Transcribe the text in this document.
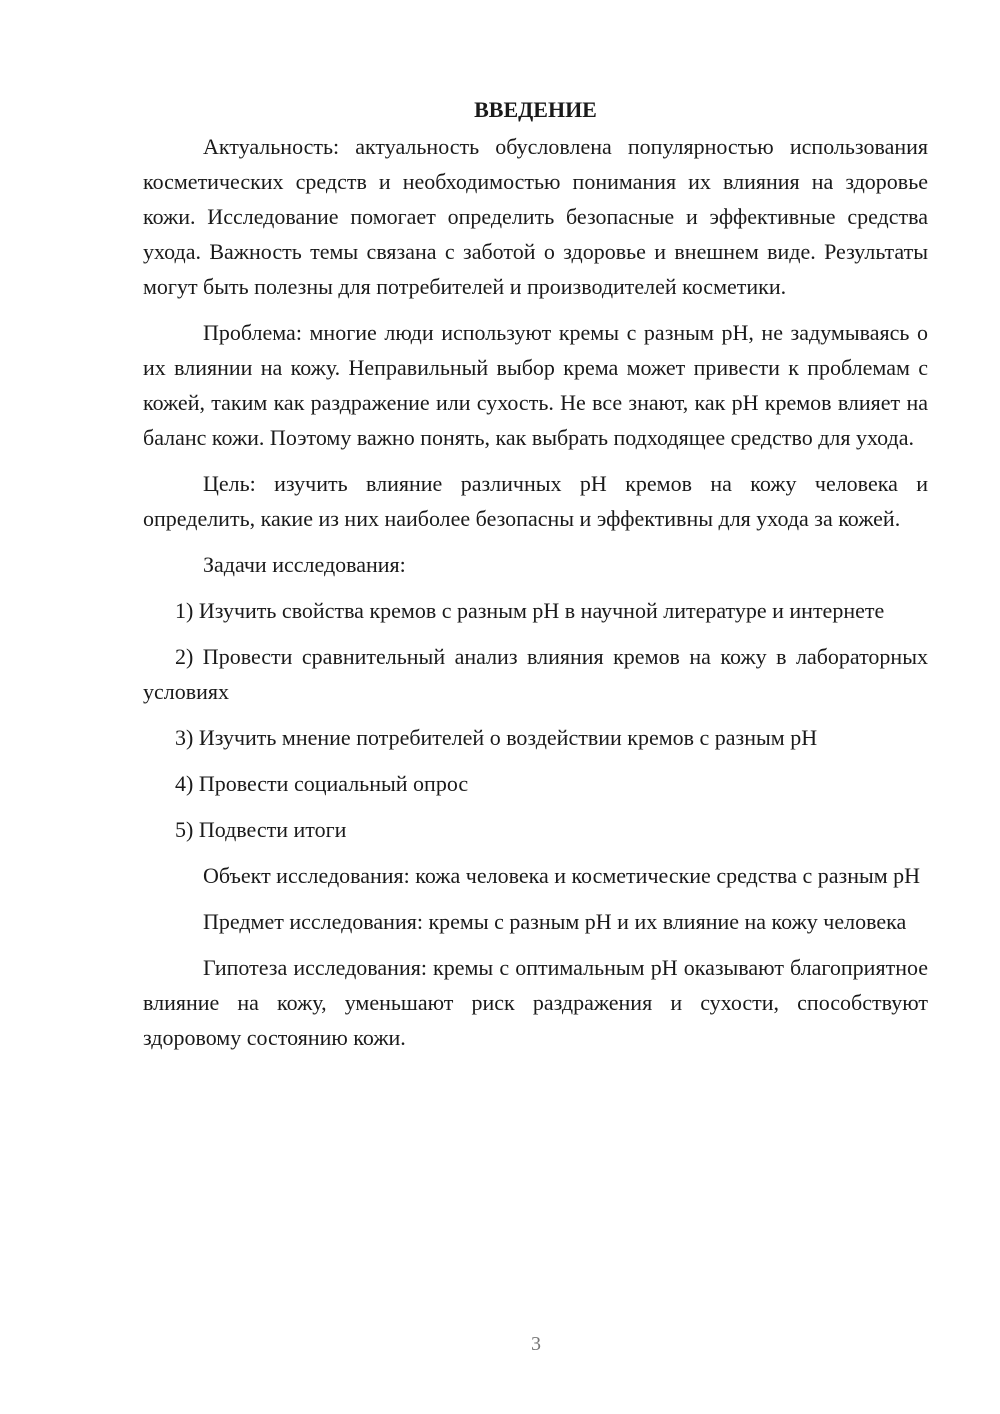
ВВЕДЕНИЕ

Актуальность: актуальность обусловлена популярностью использования косметических средств и необходимостью понимания их влияния на здоровье кожи. Исследование помогает определить безопасные и эффективные средства ухода. Важность темы связана с заботой о здоровье и внешнем виде. Результаты могут быть полезны для потребителей и производителей косметики.

Проблема: многие люди используют кремы с разным pH, не задумываясь о их влиянии на кожу. Неправильный выбор крема может привести к проблемам с кожей, таким как раздражение или сухость. Не все знают, как pH кремов влияет на баланс кожи. Поэтому важно понять, как выбрать подходящее средство для ухода.

Цель: изучить влияние различных pH кремов на кожу человека и определить, какие из них наиболее безопасны и эффективны для ухода за кожей.

Задачи исследования:

1) Изучить свойства кремов с разным pH в научной литературе и интернете

2) Провести сравнительный анализ влияния кремов на кожу в лабораторных условиях

3) Изучить мнение потребителей о воздействии кремов с разным pH

4) Провести социальный опрос

5) Подвести итоги

Объект исследования: кожа человека и косметические средства с разным pH

Предмет исследования: кремы с разным pH и их влияние на кожу человека

Гипотеза исследования: кремы с оптимальным pH оказывают благоприятное влияние на кожу, уменьшают риск раздражения и сухости, способствуют здоровому состоянию кожи.

3
